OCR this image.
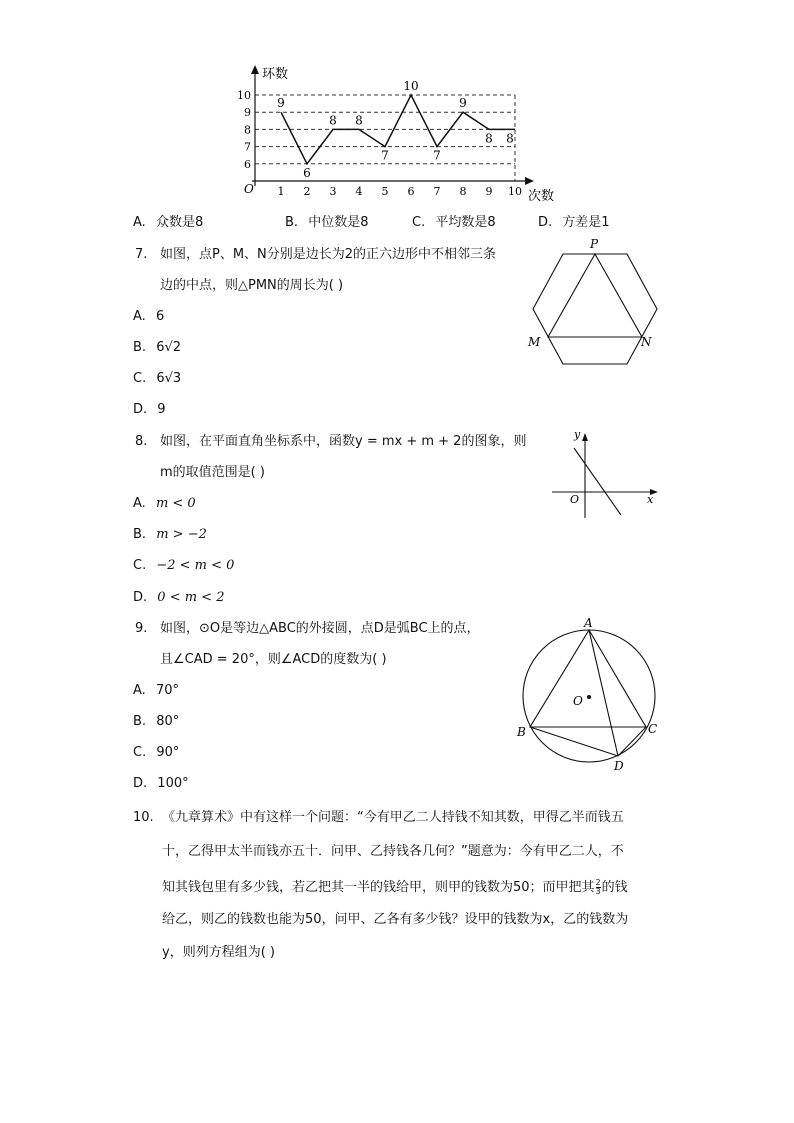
1 2 3 4 5 6 7 8 9 10
6
7
8
9
10
9
6
8 8
7
10
7
9
8 8
环数
次数
O
A. 众数是8	B. 中位数是8	C. 平均数是8	D. 方差是1
7. 如图，点P、M、N分别是边长为2的正六边形中不相邻三条
边的中点，则△PMN的周长为( )
A. 6
B. 6√2
C. 6√3
D. 9
P
M	N
8. 如图，在平面直角坐标系中，函数y = mx + m + 2的图象，则
m的取值范围是( )
A. m < 0
B. m > −2
C. −2 < m < 0
D. 0 < m < 2
y
x
O
9. 如图，⊙O是等边△ABC的外接圆，点D是弧BC上的点，
且∠CAD = 20°，则∠ACD的度数为( )
A. 70°
B. 80°
C. 90°
D. 100°
A
B	C
D
O
10. 《九章算术》中有这样一个问题：“今有甲乙二人持钱不知其数，甲得乙半而钱五
十，乙得甲太半而钱亦五十．问甲、乙持钱各几何？”题意为：今有甲乙二人，不
知其钱包里有多少钱，若乙把其一半的钱给甲，则甲的钱数为50；而甲把其 $\frac{2}{3}$ 的钱
给乙，则乙的钱数也能为50，问甲、乙各有多少钱？设甲的钱数为x，乙的钱数为
y，则列方程组为( )
